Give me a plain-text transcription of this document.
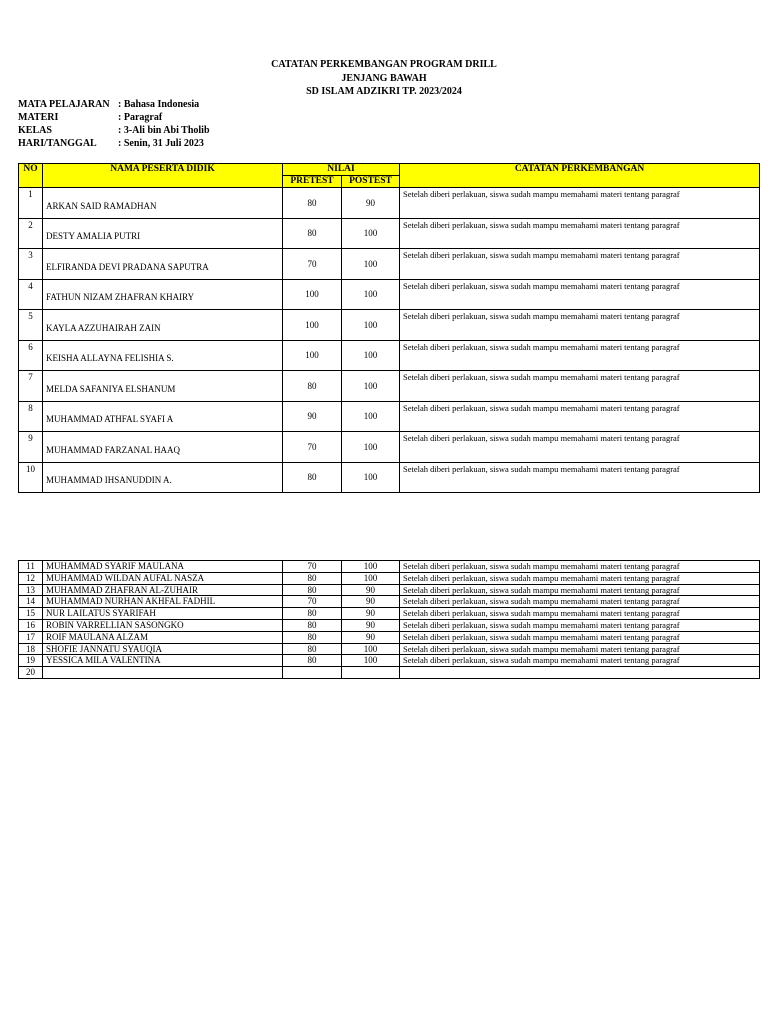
CATATAN PERKEMBANGAN PROGRAM DRILL
JENJANG BAWAH
SD ISLAM ADZIKRI TP. 2023/2024
MATA PELAJARAN : Bahasa Indonesia
MATERI	: Paragraf
KELAS	: 3-Ali bin Abi Tholib
HARI/TANGGAL	: Senin, 31 Juli 2023
NO	NAMA PESERTA DIDIK	NILAI		CATATAN PERKEMBANGAN
		PRETEST	POSTEST	
1	ARKAN SAID RAMADHAN	80	90	Setelah diberi perlakuan, siswa sudah mampu memahami materi tentang paragraf
2	DESTY AMALIA PUTRI	80	100	Setelah diberi perlakuan, siswa sudah mampu memahami materi tentang paragraf
3	ELFIRANDA DEVI PRADANA SAPUTRA	70	100	Setelah diberi perlakuan, siswa sudah mampu memahami materi tentang paragraf
4	FATHUN NIZAM ZHAFRAN KHAIRY	100	100	Setelah diberi perlakuan, siswa sudah mampu memahami materi tentang paragraf
5	KAYLA AZZUHAIRAH ZAIN	100	100	Setelah diberi perlakuan, siswa sudah mampu memahami materi tentang paragraf
6	KEISHA ALLAYNA FELISHIA S.	100	100	Setelah diberi perlakuan, siswa sudah mampu memahami materi tentang paragraf
7	MELDA SAFANIYA ELSHANUM	80	100	Setelah diberi perlakuan, siswa sudah mampu memahami materi tentang paragraf
8	MUHAMMAD ATHFAL SYAFI A	90	100	Setelah diberi perlakuan, siswa sudah mampu memahami materi tentang paragraf
9	MUHAMMAD FARZANAL HAAQ	70	100	Setelah diberi perlakuan, siswa sudah mampu memahami materi tentang paragraf
10	MUHAMMAD IHSANUDDIN A.	80	100	Setelah diberi perlakuan, siswa sudah mampu memahami materi tentang paragraf
11	MUHAMMAD SYARIF MAULANA	70	100	Setelah diberi perlakuan, siswa sudah mampu memahami materi tentang paragraf
12	MUHAMMAD WILDAN AUFAL NASZA	80	100	Setelah diberi perlakuan, siswa sudah mampu memahami materi tentang paragraf
13	MUHAMMAD ZHAFRAN AL-ZUHAIR	80	90	Setelah diberi perlakuan, siswa sudah mampu memahami materi tentang paragraf
14	MUHAMMAD NURHAN AKHFAL FADHIL	70	90	Setelah diberi perlakuan, siswa sudah mampu memahami materi tentang paragraf
15	NUR LAILATUS SYARIFAH	80	90	Setelah diberi perlakuan, siswa sudah mampu memahami materi tentang paragraf
16	ROBIN VARRELLIAN SASONGKO	80	90	Setelah diberi perlakuan, siswa sudah mampu memahami materi tentang paragraf
17	ROIF MAULANA ALZAM	80	90	Setelah diberi perlakuan, siswa sudah mampu memahami materi tentang paragraf
18	SHOFIE JANNATU SYAUQIA	80	100	Setelah diberi perlakuan, siswa sudah mampu memahami materi tentang paragraf
19	YESSICA MILA VALENTINA	80	100	Setelah diberi perlakuan, siswa sudah mampu memahami materi tentang paragraf
20				
